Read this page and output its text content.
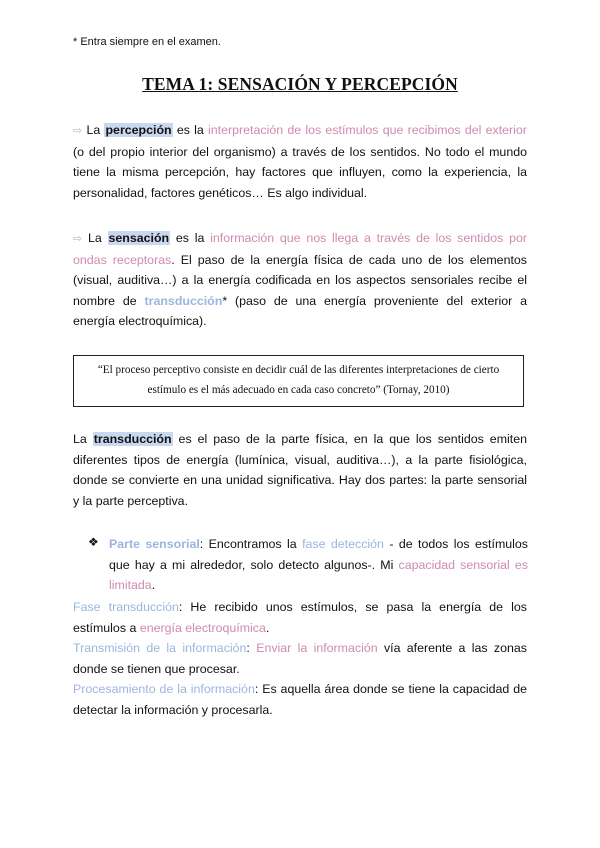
* Entra siempre en el examen.
TEMA 1: SENSACIÓN Y PERCEPCIÓN
⇨ La percepción es la interpretación de los estímulos que recibimos del exterior (o del propio interior del organismo) a través de los sentidos. No todo el mundo tiene la misma percepción, hay factores que influyen, como la experiencia, la personalidad, factores genéticos… Es algo individual.
⇨ La sensación es la información que nos llega a través de los sentidos por ondas receptoras. El paso de la energía física de cada uno de los elementos (visual, auditiva…) a la energía codificada en los aspectos sensoriales recibe el nombre de transducción* (paso de una energía proveniente del exterior a energía electroquímica).
“El proceso perceptivo consiste en decidir cuál de las diferentes interpretaciones de cierto
estímulo es el más adecuado en cada caso concreto” (Tornay, 2010)
La transducción es el paso de la parte física, en la que los sentidos emiten diferentes tipos de energía (lumínica, visual, auditiva…), a la parte fisiológica, donde se convierte en una unidad significativa. Hay dos partes: la parte sensorial y la parte perceptiva.
❖ Parte sensorial: Encontramos la fase detección - de todos los estímulos que hay a mi alrededor, solo detecto algunos-. Mi capacidad sensorial es limitada.
Fase transducción: He recibido unos estímulos, se pasa la energía de los estímulos a energía electroquímica.
Transmisión de la información: Enviar la información vía aferente a las zonas donde se tienen que procesar.
Procesamiento de la información: Es aquella área donde se tiene la capacidad de detectar la información y procesarla.
